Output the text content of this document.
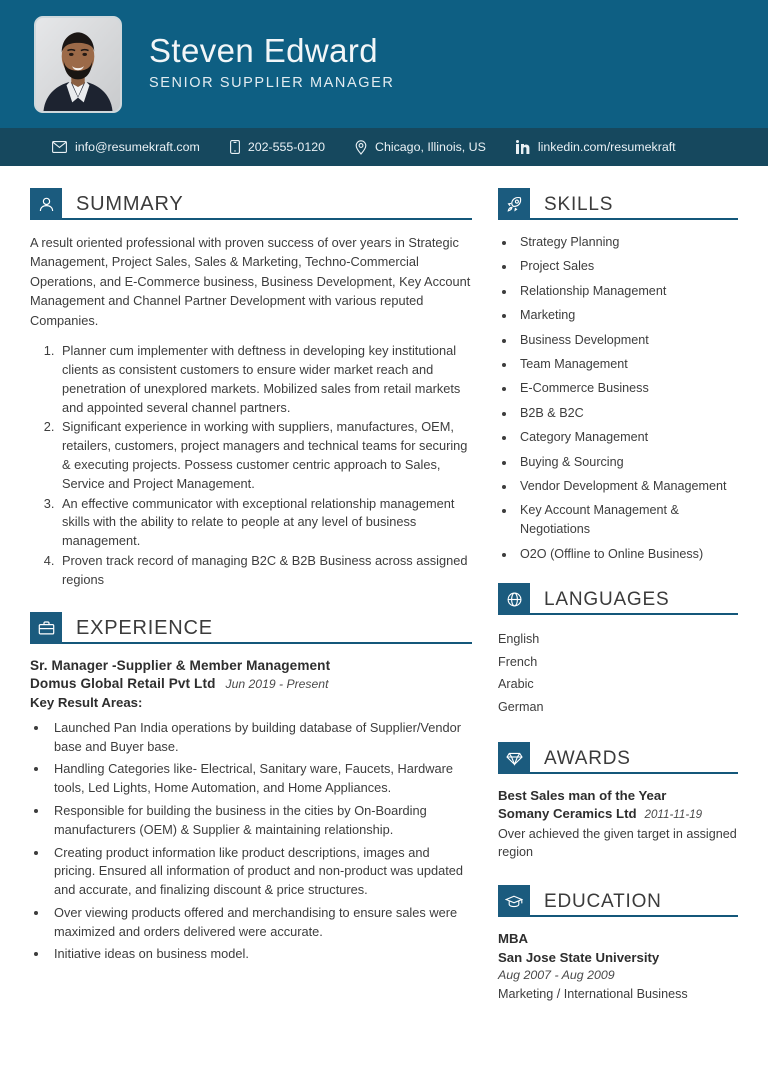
Steven Edward
SENIOR SUPPLIER MANAGER
info@resumekraft.com	202-555-0120	Chicago, Illinois, US	linkedin.com/resumekraft
SUMMARY

A result oriented professional with proven success of over years in Strategic Management, Project Sales, Sales & Marketing, Techno-Commercial Operations, and E-Commerce business, Business Development, Key Account Management and Channel Partner Development with various reputed Companies.

1. Planner cum implementer with deftness in developing key institutional clients as consistent customers to ensure wider market reach and penetration of unexplored markets. Mobilized sales from retail markets and appointed several channel partners.
2. Significant experience in working with suppliers, manufactures, OEM, retailers, customers, project managers and technical teams for securing & executing projects. Possess customer centric approach to Sales, Service and Project Management.
3. An effective communicator with exceptional relationship management skills with the ability to relate to people at any level of business management.
4. Proven track record of managing B2C & B2B Business across assigned regions
EXPERIENCE
Sr. Manager -Supplier & Member Management
Domus Global Retail Pvt Ltd Jun 2019 - Present
Key Result Areas:
• Launched Pan India operations by building database of Supplier/Vendor base and Buyer base.
• Handling Categories like- Electrical, Sanitary ware, Faucets, Hardware tools, Led Lights, Home Automation, and Home Appliances.
• Responsible for building the business in the cities by On-Boarding manufacturers (OEM) & Supplier & maintaining relationship.
• Creating product information like product descriptions, images and pricing. Ensured all information of product and non-product was updated and accurate, and finalizing discount & price structures.
• Over viewing products offered and merchandising to ensure sales were maximized and orders delivered were accurate.
• Initiative ideas on business model.
SKILLS
• Strategy Planning
• Project Sales
• Relationship Management
• Marketing
• Business Development
• Team Management
• E-Commerce Business
• B2B & B2C
• Category Management
• Buying & Sourcing
• Vendor Development & Management
• Key Account Management & Negotiations
• O2O (Offline to Online Business)
LANGUAGES
English
French
Arabic
German
AWARDS
Best Sales man of the Year
Somany Ceramics Ltd 2011-11-19
Over achieved the given target in assigned region
EDUCATION
MBA
San Jose State University
Aug 2007 - Aug 2009
Marketing / International Business
